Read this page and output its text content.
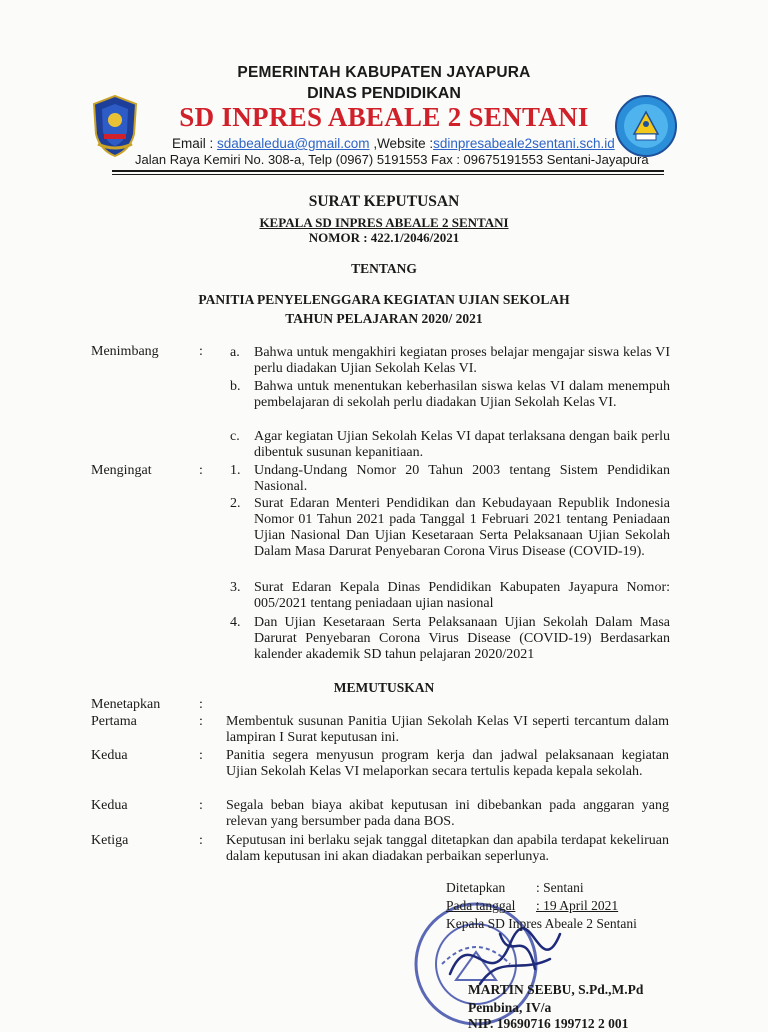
PEMERINTAH KABUPATEN JAYAPURA
DINAS PENDIDIKAN
SD INPRES ABEALE 2 SENTANI
Email : sdabealedua@gmail.com ,Website :sdinpresabeale2sentani.sch.id
Jalan Raya Kemiri No. 308-a, Telp (0967) 5191553 Fax : 09675191553 Sentani-Jayapura
SURAT KEPUTUSAN
KEPALA SD INPRES ABEALE 2 SENTANI
NOMOR : 422.1/2046/2021
TENTANG
PANITIA PENYELENGGARA KEGIATAN UJIAN SEKOLAH
TAHUN PELAJARAN 2020/ 2021
Menimbang	: a.	Bahwa untuk mengakhiri kegiatan proses belajar mengajar siswa kelas VI perlu diadakan Ujian Sekolah Kelas VI.
b. Bahwa untuk menentukan keberhasilan siswa kelas VI dalam menempuh pembelajaran di sekolah perlu diadakan Ujian Sekolah Kelas VI.
c.	Agar kegiatan Ujian Sekolah Kelas VI dapat terlaksana dengan baik perlu dibentuk susunan kepanitiaan.
Mengingat	: 1. Undang-Undang Nomor 20 Tahun 2003 tentang Sistem Pendidikan Nasional.
2. Surat Edaran Menteri Pendidikan dan Kebudayaan Republik Indonesia Nomor 01 Tahun 2021 pada Tanggal 1 Februari 2021 tentang Peniadaan Ujian Nasional Dan Ujian Kesetaraan Serta Pelaksanaan Ujian Sekolah Dalam Masa Darurat Penyebaran Corona Virus Disease (COVID-19).
3. Surat Edaran Kepala Dinas Pendidikan Kabupaten Jayapura Nomor: 005/2021 tentang peniadaan ujian nasional
4. Dan Ujian Kesetaraan Serta Pelaksanaan Ujian Sekolah Dalam Masa Darurat Penyebaran Corona Virus Disease (COVID-19) Berdasarkan kalender akademik SD tahun pelajaran 2020/2021
MEMUTUSKAN
Menetapkan	:
Pertama	: Membentuk susunan Panitia Ujian Sekolah Kelas VI seperti tercantum dalam lampiran I Surat keputusan ini.
Kedua	: Panitia segera menyusun program kerja dan jadwal pelaksanaan kegiatan Ujian Sekolah Kelas VI melaporkan secara tertulis kepada kepala sekolah.
Kedua	: Segala beban biaya akibat keputusan ini dibebankan pada anggaran yang relevan yang bersumber pada dana BOS.
Ketiga	: Keputusan ini berlaku sejak tanggal ditetapkan dan apabila terdapat kekeliruan dalam keputusan ini akan diadakan perbaikan seperlunya.
Ditetapkan : Sentani
Pada tanggal : 19 April 2021
Kepala SD Inpres Abeale 2 Sentani
MARTIN SEEBU, S.Pd.,M.Pd
Pembina, IV/a
NIP. 19690716 199712 2 001
